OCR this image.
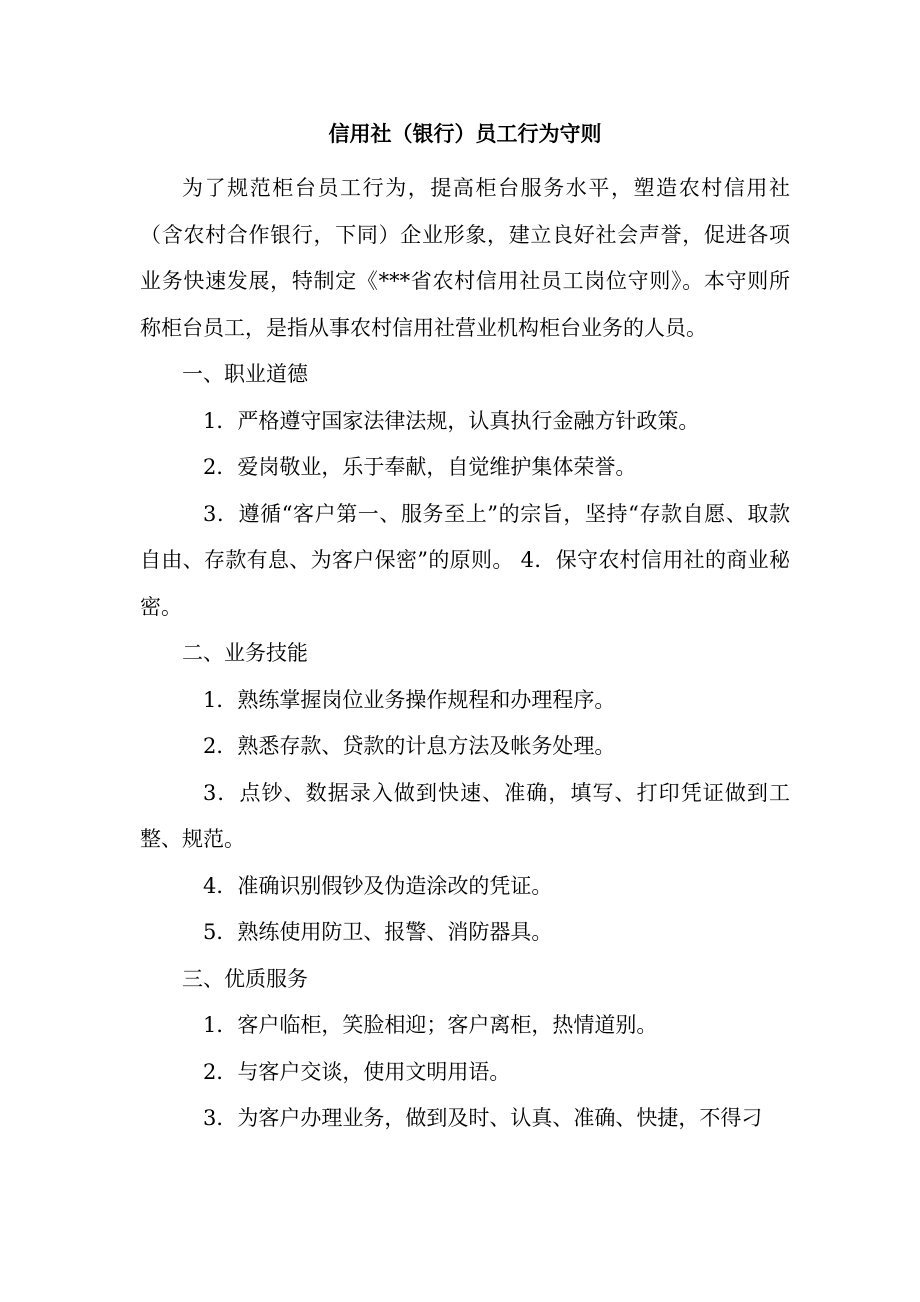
信用社（银行）员工行为守则

为了规范柜台员工行为，提高柜台服务水平，塑造农村信用社（含农村合作银行，下同）企业形象，建立良好社会声誉，促进各项业务快速发展，特制定《***省农村信用社员工岗位守则》。本守则所称柜台员工，是指从事农村信用社营业机构柜台业务的人员。

一、职业道德

1．严格遵守国家法律法规，认真执行金融方针政策。

2．爱岗敬业，乐于奉献，自觉维护集体荣誉。

3．遵循“客户第一、服务至上”的宗旨，坚持“存款自愿、取款自由、存款有息、为客户保密”的原则。 4．保守农村信用社的商业秘密。

二、业务技能

1．熟练掌握岗位业务操作规程和办理程序。

2．熟悉存款、贷款的计息方法及帐务处理。

3．点钞、数据录入做到快速、准确，填写、打印凭证做到工整、规范。

4．准确识别假钞及伪造涂改的凭证。

5．熟练使用防卫、报警、消防器具。

三、优质服务

1．客户临柜，笑脸相迎；客户离柜，热情道别。

2．与客户交谈，使用文明用语。

3．为客户办理业务，做到及时、认真、准确、快捷，不得刁
